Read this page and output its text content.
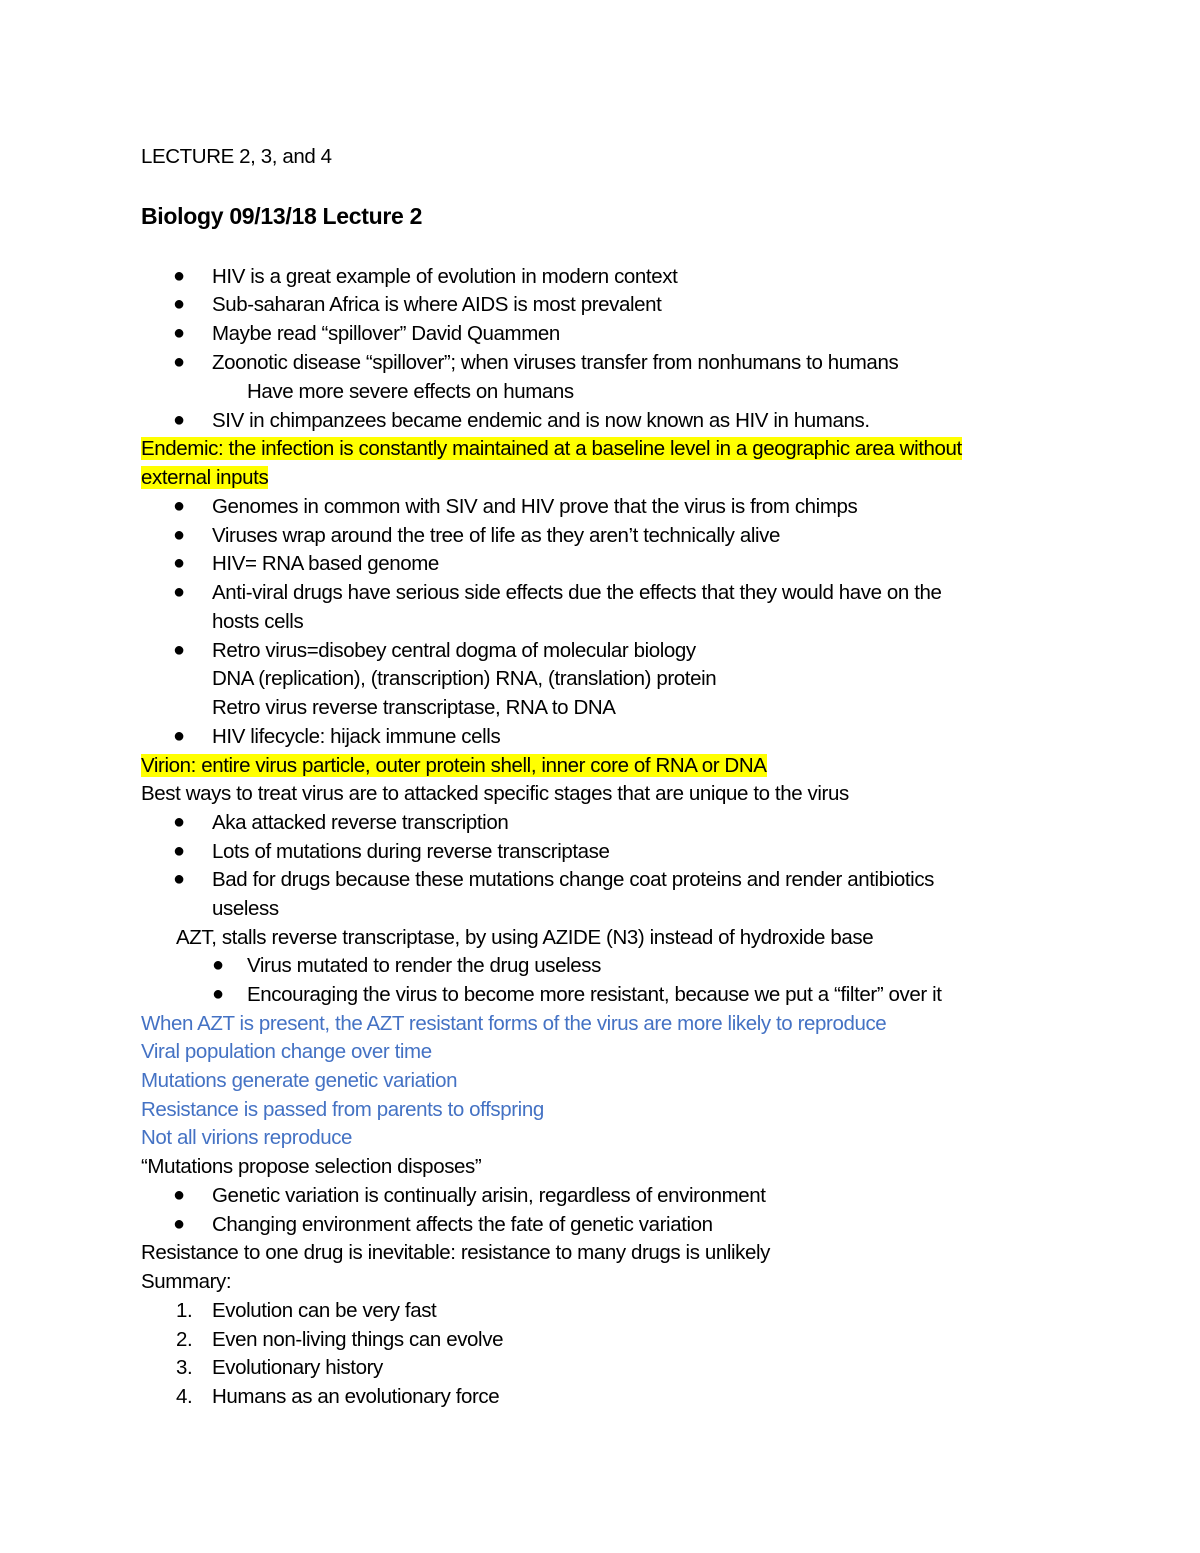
LECTURE 2, 3, and 4
Biology 09/13/18 Lecture 2
● HIV is a great example of evolution in modern context
● Sub-saharan Africa is where AIDS is most prevalent
● Maybe read “spillover” David Quammen
● Zoonotic disease “spillover”; when viruses transfer from nonhumans to humans
Have more severe effects on humans
● SIV in chimpanzees became endemic and is now known as HIV in humans.
Endemic: the infection is constantly maintained at a baseline level in a geographic area without
external inputs
● Genomes in common with SIV and HIV prove that the virus is from chimps
● Viruses wrap around the tree of life as they aren’t technically alive
● HIV= RNA based genome
● Anti-viral drugs have serious side effects due the effects that they would have on the
hosts cells
● Retro virus=disobey central dogma of molecular biology
DNA (replication), (transcription) RNA, (translation) protein
Retro virus reverse transcriptase, RNA to DNA
● HIV lifecycle: hijack immune cells
Virion: entire virus particle, outer protein shell, inner core of RNA or DNA
Best ways to treat virus are to attacked specific stages that are unique to the virus
● Aka attacked reverse transcription
● Lots of mutations during reverse transcriptase
● Bad for drugs because these mutations change coat proteins and render antibiotics
useless
AZT, stalls reverse transcriptase, by using AZIDE (N3) instead of hydroxide base
● Virus mutated to render the drug useless
● Encouraging the virus to become more resistant, because we put a “filter” over it
When AZT is present, the AZT resistant forms of the virus are more likely to reproduce
Viral population change over time
Mutations generate genetic variation
Resistance is passed from parents to offspring
Not all virions reproduce
“Mutations propose selection disposes”
● Genetic variation is continually arisin, regardless of environment
● Changing environment affects the fate of genetic variation
Resistance to one drug is inevitable: resistance to many drugs is unlikely
Summary:
1. Evolution can be very fast
2. Even non-living things can evolve
3. Evolutionary history
4. Humans as an evolutionary force
